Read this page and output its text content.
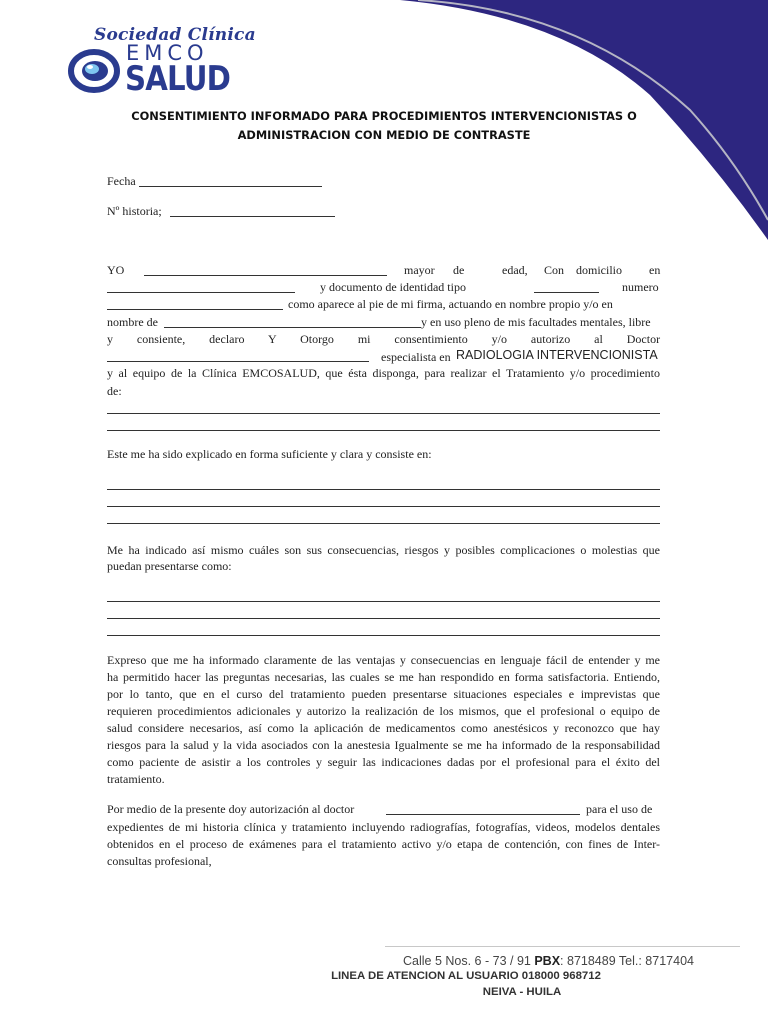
Sociedad Clínica
EMCO
SALUD
CONSENTIMIENTO INFORMADO PARA PROCEDIMIENTOS INTERVENCIONISTAS O
ADMINISTRACION CON MEDIO DE CONTRASTE
Fecha
Nº historia;
YO	mayor de	edad, Con domicilio en
y documento de identidad tipo	numero
como aparece al pie de mi firma, actuando en nombre propio y/o en
nombre de	y en uso pleno de mis facultades mentales, libre
y consiente, declaro Y Otorgo mi consentimiento y/o autorizo al Doctor
especialista en RADIOLOGIA INTERVENCIONISTA
y al equipo de la Clínica EMCOSALUD, que ésta disponga, para realizar el Tratamiento y/o procedimiento
de:
Este me ha sido explicado en forma suficiente y clara y consiste en:
Me ha indicado así mismo cuáles son sus consecuencias, riesgos y posibles complicaciones o molestias que
puedan presentarse como:
Expreso que me ha informado claramente de las ventajas y consecuencias en lenguaje fácil de entender y me
ha permitido hacer las preguntas necesarias, las cuales se me han respondido en forma satisfactoria. Entiendo,
por lo tanto, que en el curso del tratamiento pueden presentarse situaciones especiales e imprevistas que
requieren procedimientos adicionales y autorizo la realización de los mismos, que el profesional o equipo de
salud considere necesarios, así como la aplicación de medicamentos como anestésicos y reconozco que hay
riesgos para la salud y la vida asociados con la anestesia Igualmente se me ha informado de la responsabilidad
como paciente de asistir a los controles y seguir las indicaciones dadas por el profesional para el éxito del
tratamiento.
Por medio de la presente doy autorización al doctor	para el uso de
expedientes de mi historia clínica y tratamiento incluyendo radiografías, fotografías, videos, modelos dentales
obtenidos en el proceso de exámenes para el tratamiento activo y/o etapa de contención, con fines de Inter-
consultas profesional,
Calle 5 Nos. 6 - 73 / 91 PBX: 8718489 Tel.: 8717404
LINEA DE ATENCION AL USUARIO 018000 968712
NEIVA - HUILA
